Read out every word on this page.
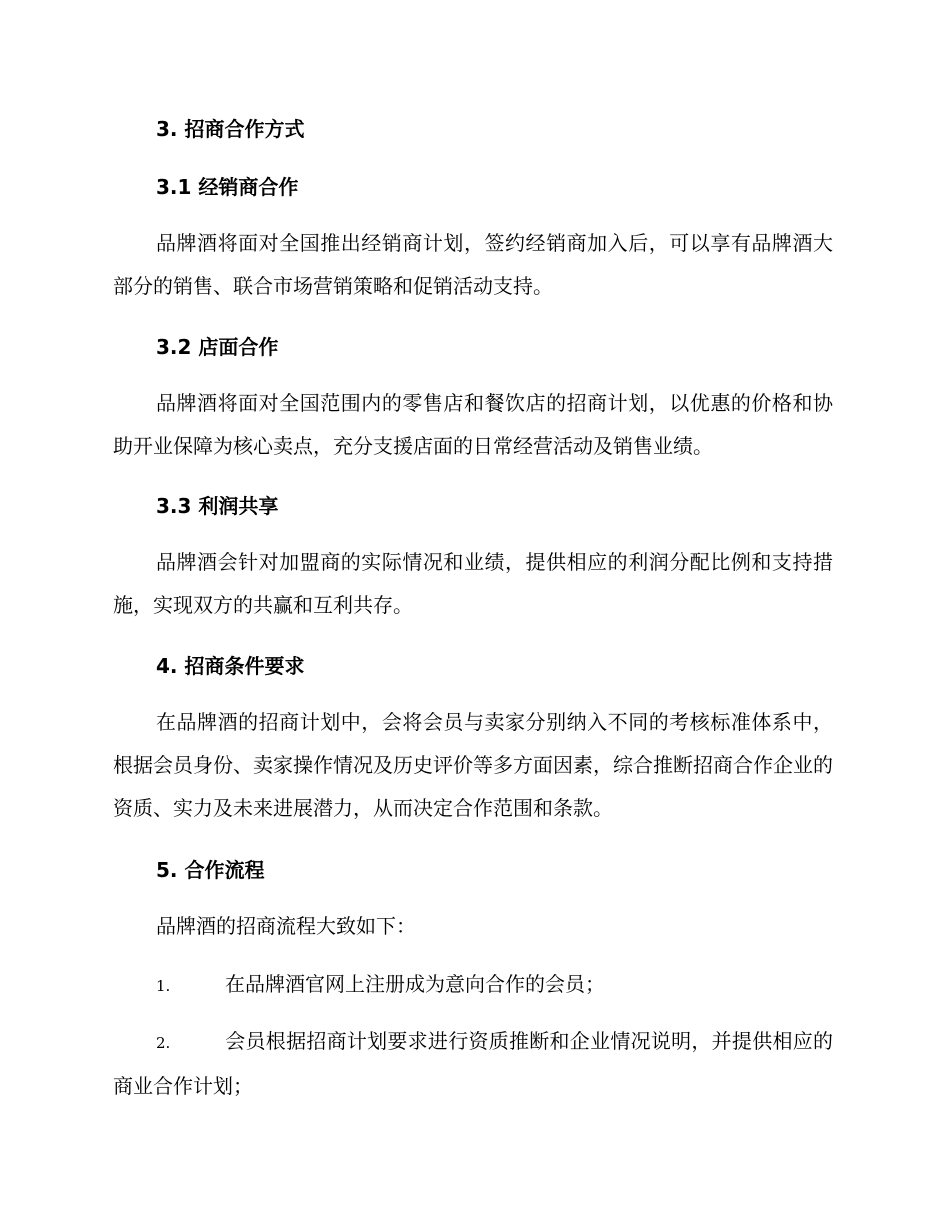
3. 招商合作方式
3.1 经销商合作

品牌酒将面对全国推出经销商计划，签约经销商加入后，可以享有品牌酒大部分的销售、联合市场营销策略和促销活动支持。

3.2 店面合作

品牌酒将面对全国范围内的零售店和餐饮店的招商计划，以优惠的价格和协助开业保障为核心卖点，充分支援店面的日常经营活动及销售业绩。

3.3 利润共享

品牌酒会针对加盟商的实际情况和业绩，提供相应的利润分配比例和支持措施，实现双方的共赢和互利共存。

4. 招商条件要求

在品牌酒的招商计划中，会将会员与卖家分别纳入不同的考核标准体系中，根据会员身份、卖家操作情况及历史评价等多方面因素，综合推断招商合作企业的资质、实力及未来进展潜力，从而决定合作范围和条款。

5. 合作流程

品牌酒的招商流程大致如下：

1.	在品牌酒官网上注册成为意向合作的会员；

2.	会员根据招商计划要求进行资质推断和企业情况说明，并提供相应的商业合作计划；
